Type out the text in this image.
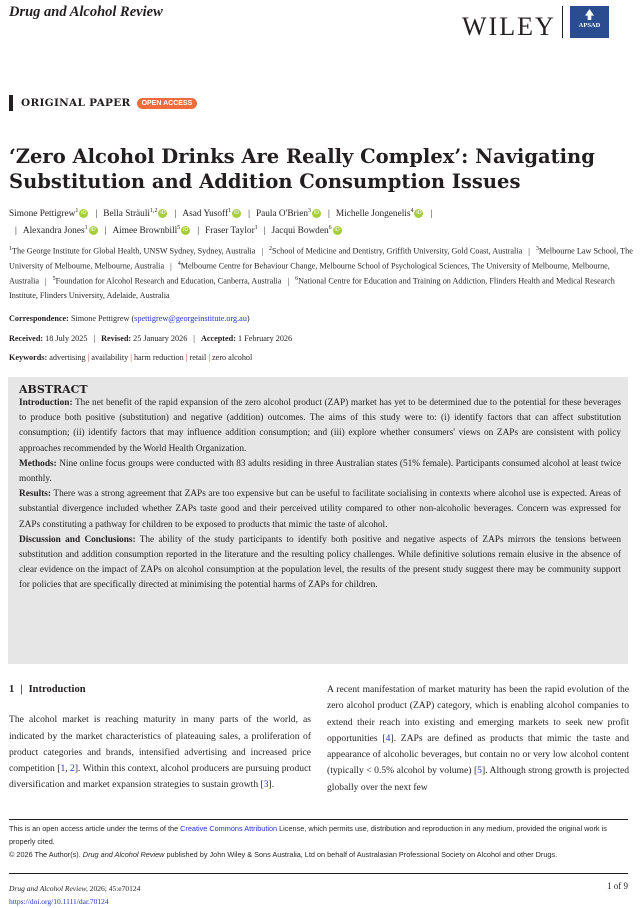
Drug and Alcohol Review	WILEY	APSAD
ORIGINAL PAPER	OPEN ACCESS
‘Zero Alcohol Drinks Are Really Complex’: Navigating Substitution and Addition Consumption Issues
Simone Pettigrew$^1$ iD | Bella Sträuli$^{1,2}$ iD | Asad Yusoff$^1$ iD | Paula O'Brien$^3$ iD | Michelle Jongenelis$^4$ iD |
| Alexandra Jones$^1$ iD | Aimee Brownbill$^5$ iD | Fraser Taylor$^1$ | Jacqui Bowden$^6$ iD
$^1$The George Institute for Global Health, UNSW Sydney, Sydney, Australia | $^2$School of Medicine and Dentistry, Griffith University, Gold Coast, Australia | $^3$Melbourne Law School, The University of Melbourne, Melbourne, Australia | $^4$Melbourne Centre for Behaviour Change, Melbourne School of Psychological Sciences, The University of Melbourne, Melbourne, Australia | $^5$Foundation for Alcohol Research and Education, Canberra, Australia | $^6$National Centre for Education and Training on Addiction, Flinders Health and Medical Research Institute, Flinders University, Adelaide, Australia
Correspondence: Simone Pettigrew (spettigrew@georgeinstitute.org.au)
Received: 18 July 2025 | Revised: 25 January 2026 | Accepted: 1 February 2026
Keywords: advertising | availability | harm reduction | retail | zero alcohol
ABSTRACT

Introduction: The net benefit of the rapid expansion of the zero alcohol product (ZAP) market has yet to be determined due to the potential for these beverages to produce both positive (substitution) and negative (addition) outcomes. The aims of this study were to: (i) identify factors that can affect substitution consumption; (ii) identify factors that may influence addition consumption; and (iii) explore whether consumers' views on ZAPs are consistent with policy approaches recommended by the World Health Organization.

Methods: Nine online focus groups were conducted with 83 adults residing in three Australian states (51% female). Participants consumed alcohol at least twice monthly.

Results: There was a strong agreement that ZAPs are too expensive but can be useful to facilitate socialising in contexts where alcohol use is expected. Areas of substantial divergence included whether ZAPs taste good and their perceived utility compared to other non-alcoholic beverages. Concern was expressed for ZAPs constituting a pathway for children to be exposed to products that mimic the taste of alcohol.

Discussion and Conclusions: The ability of the study participants to identify both positive and negative aspects of ZAPs mirrors the tensions between substitution and addition consumption reported in the literature and the resulting policy challenges. While definitive solutions remain elusive in the absence of clear evidence on the impact of ZAPs on alcohol consumption at the population level, the results of the present study suggest there may be community support for policies that are specifically directed at minimising the potential harms of ZAPs for children.

1 | Introduction

The alcohol market is reaching maturity in many parts of the world, as indicated by the market characteristics of plateauing sales, a proliferation of product categories and brands, intensified advertising and increased price competition [1, 2]. Within this context, alcohol producers are pursuing product diversification and market expansion strategies to sustain growth [3].

A recent manifestation of market maturity has been the rapid evolution of the zero alcohol product (ZAP) category, which is enabling alcohol companies to extend their reach into existing and emerging markets to seek new profit opportunities [4]. ZAPs are defined as products that mimic the taste and appearance of alcoholic beverages, but contain no or very low alcohol content (typically < 0.5% alcohol by volume) [5]. Although strong growth is projected globally over the next few

This is an open access article under the terms of the Creative Commons Attribution License, which permits use, distribution and reproduction in any medium, provided the original work is properly cited.
© 2026 The Author(s). Drug and Alcohol Review published by John Wiley & Sons Australia, Ltd on behalf of Australasian Professional Society on Alcohol and other Drugs.
Drug and Alcohol Review, 2026; 45:e70124
https://doi.org/10.1111/dar.70124
1 of 9
